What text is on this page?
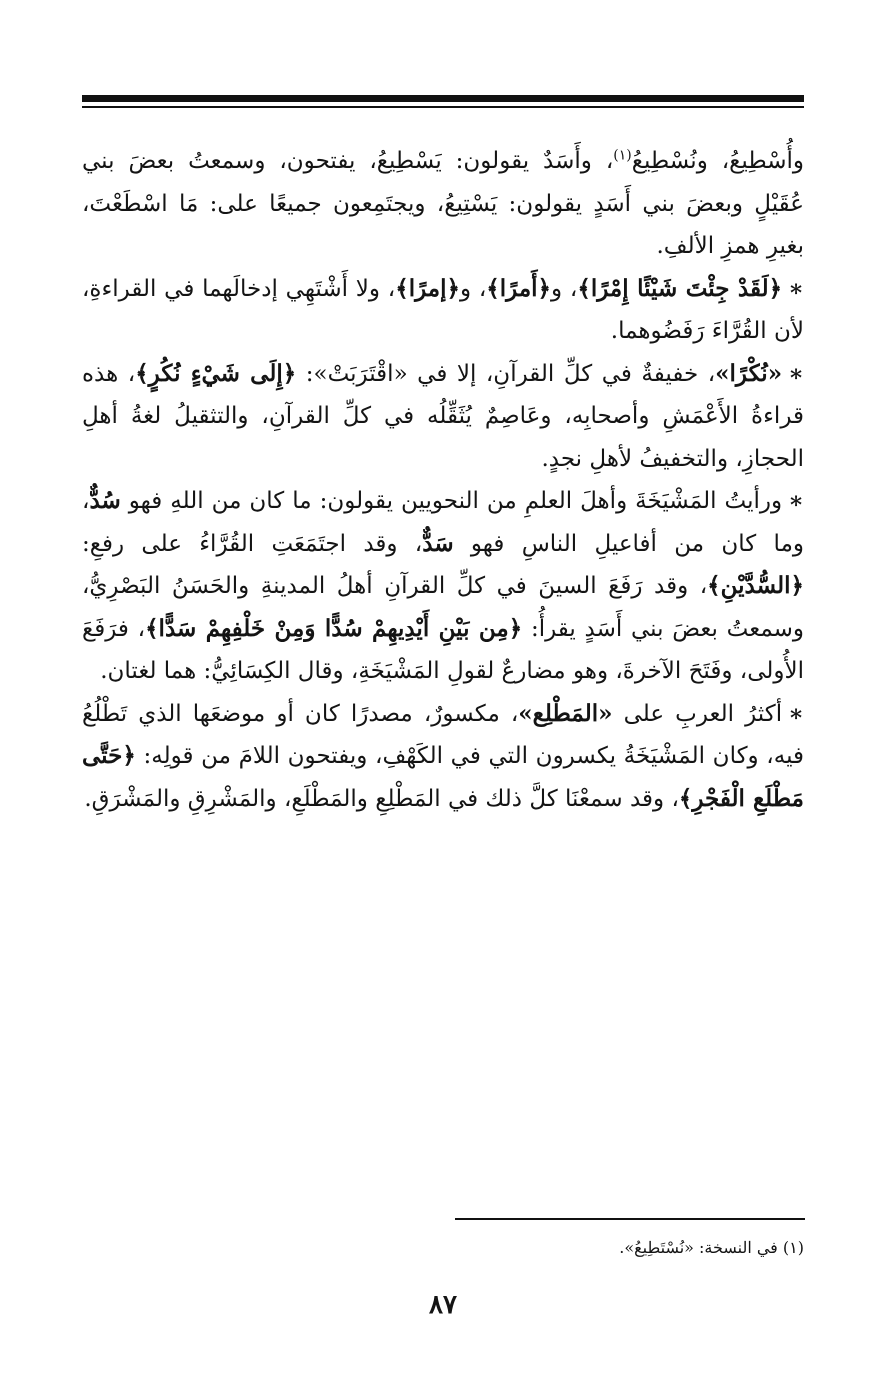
وأُسْطِيعُ، ونُسْطِيعُ$^{(١)}$، وأَسَدٌ يقولون: يَسْطِيعُ، يفتحون، وسمعتُ بعضَ بني عُقَيْلٍ وبعضَ بني أَسَدٍ يقولون: يَسْتِيعُ، ويجتَمِعون جميعًا على: مَا اسْطَعْتَ، بغيرِ همزِ الألفِ.

∗﴿لَقَدْ جِئْتَ شَيْئًا إِمْرًا﴾، و﴿أَمرًا﴾، و﴿إمرًا﴾، ولا أَشْتَهِي إدخالَهما في القراءةِ، لأن القُرَّاءَ رَفَضُوهما.

∗«نُكْرًا»، خفيفةٌ في كلِّ القرآنِ، إلا في «اقْتَرَبَتْ»: ﴿إِلَى شَيْءٍ نُكُرٍ﴾، هذه قراءةُ الأَعْمَشِ وأصحابِه، وعَاصِمٌ يُثَقِّلُه في كلِّ القرآنِ، والتثقيلُ لغةُ أهلِ الحجازِ، والتخفيفُ لأهلِ نجدٍ.

∗ورأيتُ المَشْيَخَةَ وأهلَ العلمِ من النحويين يقولون: ما كان من اللهِ فهو سُدٌّ، وما كان من أفاعيلِ الناسِ فهو سَدٌّ، وقد اجتَمَعَتِ القُرَّاءُ على رفعِ: ﴿السُّدَّيْنِ﴾، وقد رَفَعَ السينَ في كلِّ القرآنِ أهلُ المدينةِ والحَسَنُ البَصْرِيُّ، وسمعتُ بعضَ بني أَسَدٍ يقرأُ: ﴿مِن بَيْنِ أَيْدِيهِمْ سُدًّا وَمِنْ خَلْفِهِمْ سَدًّا﴾، فرَفَعَ الأُولى، وفَتَحَ الآخرةَ، وهو مضارعٌ لقولِ المَشْيَخَةِ، وقال الكِسَائِيُّ: هما لغتان.

∗أكثرُ العربِ على «المَطْلِع»، مكسورٌ، مصدرًا كان أو موضعَها الذي تَطْلُعُ فيه، وكان المَشْيَخَةُ يكسرون التي في الكَهْفِ، ويفتحون اللامَ من قولِه: ﴿حَتَّى مَطْلَعِ الْفَجْرِ﴾، وقد سمعْنَا كلَّ ذلك في المَطْلِعِ والمَطْلَعِ، والمَشْرِقِ والمَشْرَقِ.

(١) في النسخة: «نُسْتَطِيعُ».
٨٧
